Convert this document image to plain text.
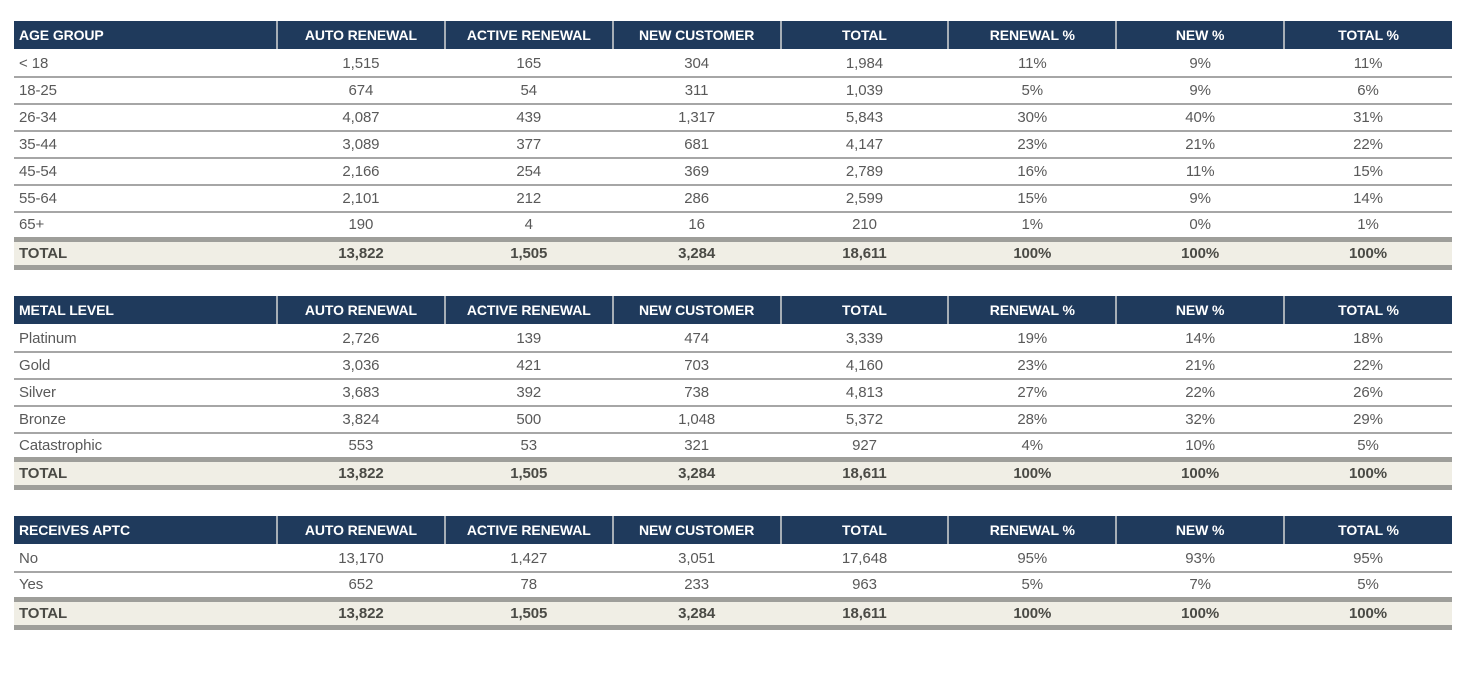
AGE GROUP	AUTO RENEWAL	ACTIVE RENEWAL	NEW CUSTOMER	TOTAL	RENEWAL %	NEW %	TOTAL %
< 18	1,515	165	304	1,984	11%	9%	11%
18-25	674	54	311	1,039	5%	9%	6%
26-34	4,087	439	1,317	5,843	30%	40%	31%
35-44	3,089	377	681	4,147	23%	21%	22%
45-54	2,166	254	369	2,789	16%	11%	15%
55-64	2,101	212	286	2,599	15%	9%	14%
65+	190	4	16	210	1%	0%	1%
TOTAL	13,822	1,505	3,284	18,611	100%	100%	100%
METAL LEVEL	AUTO RENEWAL	ACTIVE RENEWAL	NEW CUSTOMER	TOTAL	RENEWAL %	NEW %	TOTAL %
Platinum	2,726	139	474	3,339	19%	14%	18%
Gold	3,036	421	703	4,160	23%	21%	22%
Silver	3,683	392	738	4,813	27%	22%	26%
Bronze	3,824	500	1,048	5,372	28%	32%	29%
Catastrophic	553	53	321	927	4%	10%	5%
TOTAL	13,822	1,505	3,284	18,611	100%	100%	100%
RECEIVES APTC	AUTO RENEWAL	ACTIVE RENEWAL	NEW CUSTOMER	TOTAL	RENEWAL %	NEW %	TOTAL %
No	13,170	1,427	3,051	17,648	95%	93%	95%
Yes	652	78	233	963	5%	7%	5%
TOTAL	13,822	1,505	3,284	18,611	100%	100%	100%
